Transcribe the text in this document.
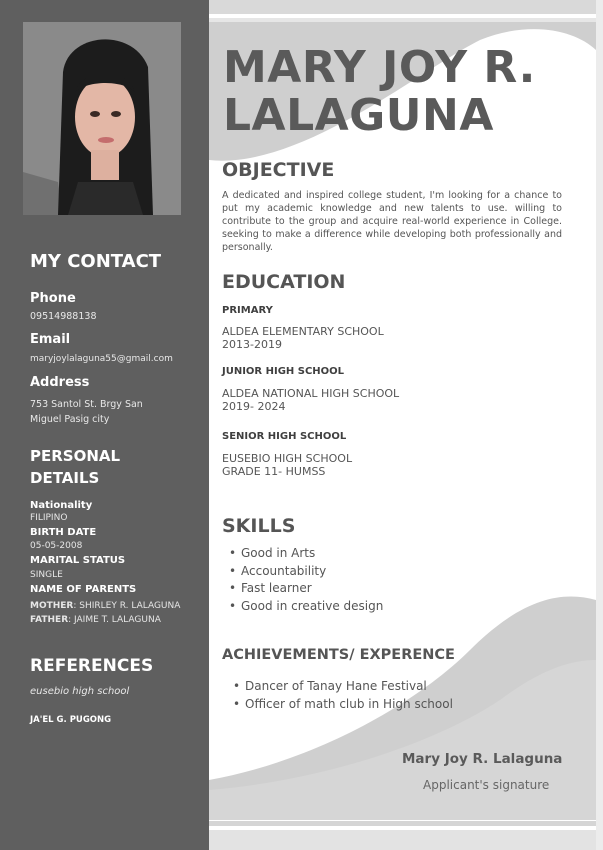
MY CONTACT
Phone
09514988138
Email
maryjoylalaguna55@gmail.com
Address
753 Santol St. Brgy San
Miguel Pasig city
PERSONAL
DETAILS
Nationality
FILIPINO
BIRTH DATE
05-05-2008
MARITAL STATUS
SINGLE
NAME OF PARENTS
MOTHER: SHIRLEY R. LALAGUNA
FATHER: JAIME T. LALAGUNA
REFERENCES
eusebio high school
JA'EL G. PUGONG
MARY JOY R.
LALAGUNA
OBJECTIVE
A dedicated and inspired college student, I'm looking for a chance to put my academic knowledge and new talents to use. willing to contribute to the group and acquire real-world experience in College. seeking to make a difference while developing both professionally and personally.
EDUCATION
PRIMARY
ALDEA ELEMENTARY SCHOOL
2013-2019
JUNIOR HIGH SCHOOL
ALDEA NATIONAL HIGH SCHOOL
2019- 2024
SENIOR HIGH SCHOOL
EUSEBIO HIGH SCHOOL
GRADE 11- HUMSS
SKILLS
• Good in Arts
• Accountability
• Fast learner
• Good in creative design
ACHIEVEMENTS/ EXPERENCE
• Dancer of Tanay Hane Festival
• Officer of math club in High school
Mary Joy R. Lalaguna
Applicant's signature
